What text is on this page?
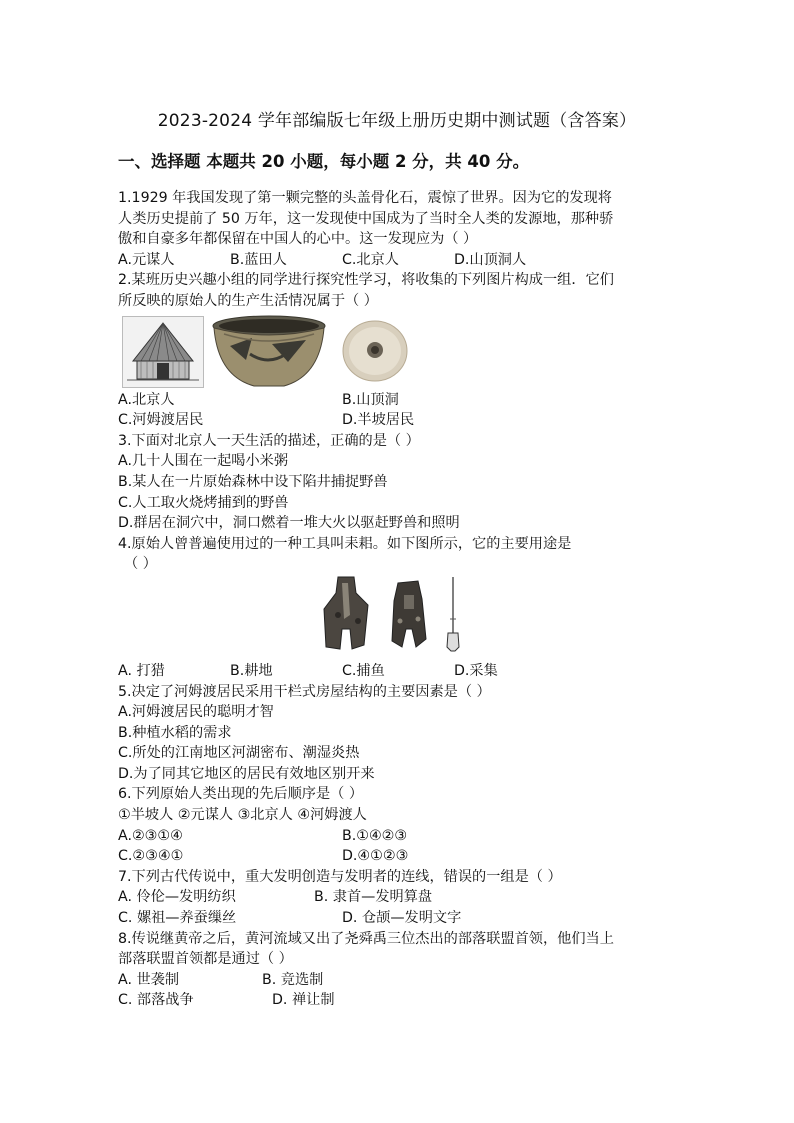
2023-2024 学年部编版七年级上册历史期中测试题（含答案）
一、选择题 本题共 20 小题，每小题 2 分，共 40 分。
1.1929 年我国发现了第一颗完整的头盖骨化石，震惊了世界。因为它的发现将
人类历史提前了 50 万年，这一发现使中国成为了当时全人类的发源地，那种骄
傲和自豪多年都保留在中国人的心中。这一发现应为（ ）
A.元谋人	B.蓝田人	C.北京人	D.山顶洞人
2.某班历史兴趣小组的同学进行探究性学习，将收集的下列图片构成一组．它们
所反映的原始人的生产生活情况属于（ ）
A.北京人	B.山顶洞
C.河姆渡居民	D.半坡居民
3.下面对北京人一天生活的描述，正确的是（ ）
A.几十人围在一起喝小米粥
B.某人在一片原始森林中设下陷井捕捉野兽
C.人工取火烧烤捕到的野兽
D.群居在洞穴中，洞口燃着一堆大火以驱赶野兽和照明
4.原始人曾普遍使用过的一种工具叫耒耜。如下图所示，它的主要用途是
（ ）
A. 打猎	B.耕地	C.捕鱼	D.采集
5.决定了河姆渡居民采用干栏式房屋结构的主要因素是（ ）
A.河姆渡居民的聪明才智
B.种植水稻的需求
C.所处的江南地区河湖密布、潮湿炎热
D.为了同其它地区的居民有效地区别开来
6.下列原始人类出现的先后顺序是（ ）
①半坡人 ②元谋人 ③北京人 ④河姆渡人
A.②③①④	B.①④②③
C.②③④①	D.④①②③
7.下列古代传说中，重大发明创造与发明者的连线，错误的一组是（ ）
A. 伶伦—发明纺织	B. 隶首—发明算盘
C. 嫘祖—养蚕缫丝	D. 仓颉—发明文字
8.传说继黄帝之后，黄河流域又出了尧舜禹三位杰出的部落联盟首领，他们当上
部落联盟首领都是通过（ ）
A. 世袭制	B. 竞选制
C. 部落战争	D. 禅让制
